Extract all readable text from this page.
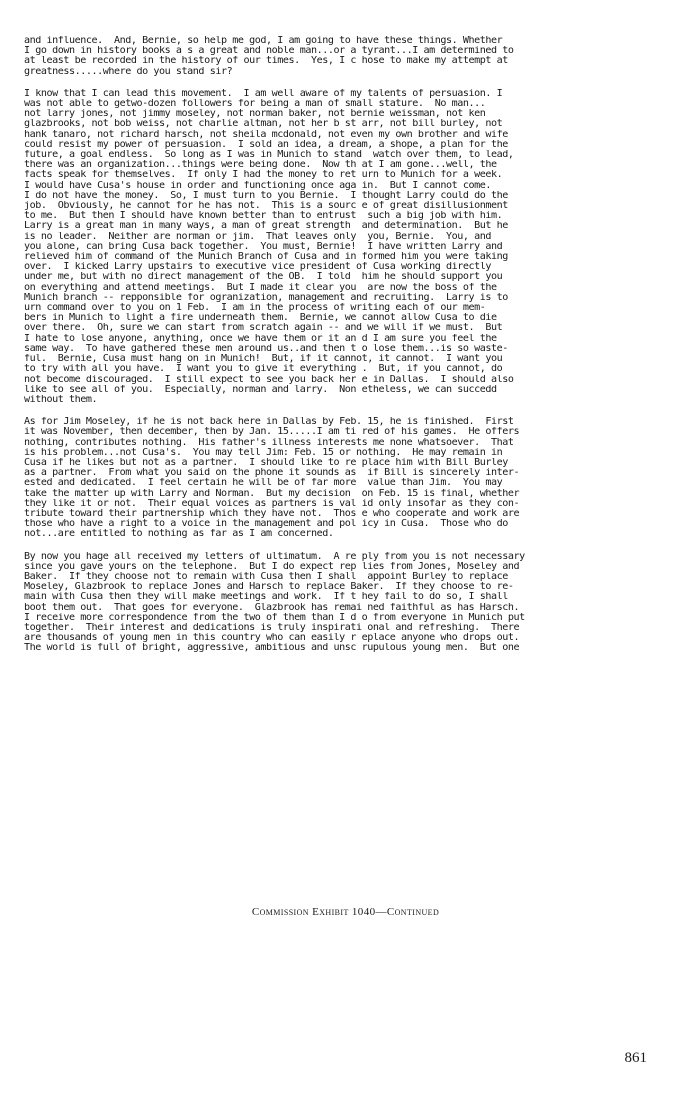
and influence.  And, Bernie, so help me god, I am going to have these things. Whether
I go down in history books a s a great and noble man...or a tyrant...I am determined to
at least be recorded in the history of our times.  Yes, I c hose to make my attempt at
greatness.....where do you stand sir?
I know that I can lead this movement.  I am well aware of my talents of persuasion. I
was not able to getwo-dozen followers for being a man of small stature.  No man...
not larry jones, not jimmy moseley, not norman baker, not bernie weissman, not ken
glazbrooks, not bob weiss, not charlie altman, not her b st arr, not bill burley, not
hank tanaro, not richard harsch, not sheila mcdonald, not even my own brother and wife
could resist my power of persuasion.  I sold an idea, a dream, a shope, a plan for the
future, a goal endless.  So long as I was in Munich to stand  watch over them, to lead,
there was an organization...things were being done.  Now th at I am gone...well, the
facts speak for themselves.  If only I had the money to ret urn to Munich for a week.
I would have Cusa's house in order and functioning once aga in.  But I cannot come.
I do not have the money.  So, I must turn to you Bernie.  I thought Larry could do the
job.  Obviously, he cannot for he has not.  This is a sourc e of great disillusionment
to me.  But then I should have known better than to entrust  such a big job with him.
Larry is a great man in many ways, a man of great strength  and determination.  But he
is no leader.  Neither are norman or jim.  That leaves only  you, Bernie.  You, and
you alone, can bring Cusa back together.  You must, Bernie!  I have written Larry and
relieved him of command of the Munich Branch of Cusa and in formed him you were taking
over.  I kicked Larry upstairs to executive vice president of Cusa working directly
under me, but with no direct management of the OB.  I told  him he should support you
on everything and attend meetings.  But I made it clear you  are now the boss of the
Munich branch -- repponsible for ogranization, management and recruiting.  Larry is to
urn command over to you on 1 Feb.  I am in the process of writing each of our mem-
bers in Munich to light a fire underneath them.  Bernie, we cannot allow Cusa to die
over there.  Oh, sure we can start from scratch again -- and we will if we must.  But
I hate to lose anyone, anything, once we have them or it an d I am sure you feel the
same way.  To have gathered these men around us..and then t o lose them...is so waste-
ful.  Bernie, Cusa must hang on in Munich!  But, if it cannot, it cannot.  I want you
to try with all you have.  I want you to give it everything .  But, if you cannot, do
not become discouraged.  I still expect to see you back her e in Dallas.  I should also
like to see all of you.  Especially, norman and larry.  Non etheless, we can succedd
without them.
As for Jim Moseley, if he is not back here in Dallas by Feb. 15, he is finished.  First
it was November, then december, then by Jan. 15.....I am ti red of his games.  He offers
nothing, contributes nothing.  His father's illness interests me none whatsoever.  That
is his problem...not Cusa's.  You may tell Jim: Feb. 15 or nothing.  He may remain in
Cusa if he likes but not as a partner.  I should like to re place him with Bill Burley
as a partner.  From what you said on the phone it sounds as  if Bill is sincerely inter-
ested and dedicated.  I feel certain he will be of far more  value than Jim.  You may
take the matter up with Larry and Norman.  But my decision  on Feb. 15 is final, whether
they like it or not.  Their equal voices as partners is val id only insofar as they con-
tribute toward their partnership which they have not.  Thos e who cooperate and work are
those who have a right to a voice in the management and pol icy in Cusa.  Those who do
not...are entitled to nothing as far as I am concerned.
By now you hage all received my letters of ultimatum.  A re ply from you is not necessary
since you gave yours on the telephone.  But I do expect rep lies from Jones, Moseley and
Baker.  If they choose not to remain with Cusa then I shall  appoint Burley to replace
Moseley, Glazbrook to replace Jones and Harsch to replace Baker.  If they choose to re-
main with Cusa then they will make meetings and work.  If t hey fail to do so, I shall
boot them out.  That goes for everyone.  Glazbrook has remai ned faithful as has Harsch.
I receive more correspondence from the two of them than I d o from everyone in Munich put
together.  Their interest and dedications is truly inspirati onal and refreshing.  There
are thousands of young men in this country who can easily r eplace anyone who drops out.
The world is full of bright, aggressive, ambitious and unsc rupulous young men.  But one
Commission Exhibit 1040—Continued
861
